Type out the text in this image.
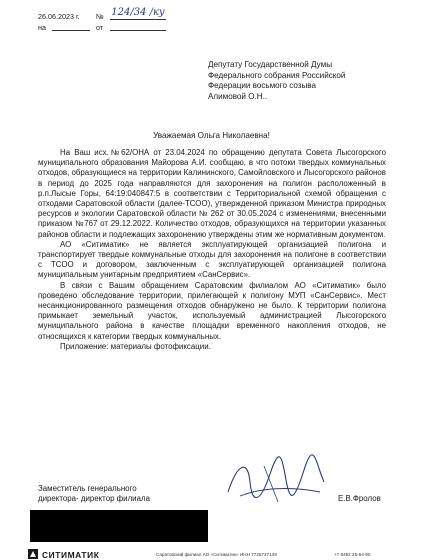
26.06.2023 г. № 124/34 /ку
на	от
Депутату Государственной Думы
Федерального собрания Российской
Федерации восьмого созыва
Алимовой О.Н..
Уважаемая Ольга Николаевна!

На Ваш исх.№62/ОНА от 23.04.2024 по обращению депутата Совета Лысогорского муниципального образования Майорова А.И. сообщаю, в что потоки твердых коммунальных отходов, образующиеся на территории Калининского, Самойловского и Лысогорского районов в период до 2025 года направляются для захоронения на полигон расположенный в р.п.Лысые Горы, 64:19:040847:5 в соответствии с Территориальной схемой обращения с отходами Саратовской области (далее-ТСОО), утвержденной приказом Министра природных ресурсов и экологии Саратовской области № 262 от 30.05.2024 с изменениями, внесенными приказом №767 от 29.12.2022. Количество отходов, образующихся на территории указанных районов области и подлежащих захоронению утверждены этим же нормативным документом.

АО «Ситиматик» не является эксплуатирующей организацией полигона и транспортирует твердые коммунальные отходы для захоронения на полигоне в соответствии с ТСОО и договором, заключенным с эксплуатирующей организацией полигона муниципальным унитарным предприятием «СанСервис».

В связи с Вашим обращением Саратовским филиалом АО «Ситиматик» было проведено обследование территории, прилегающей к полигону МУП «СанСервис». Мест несанкционированного размещения отходов обнаружено не было. К территории полигона примыкает земельный участок, используемый администрацией Лысогорского муниципального района в качестве площадки временного накопления отходов, не относящихся к категории твердых коммунальных.

Приложение: материалы фотофиксации.

Заместитель генерального
директора- директор филиала	Е.В.Фролов
СИТИМАТИК	Саратовский филиал АО «Ситиматик» ИНН 7725727149	+7 8452 25-64-90
